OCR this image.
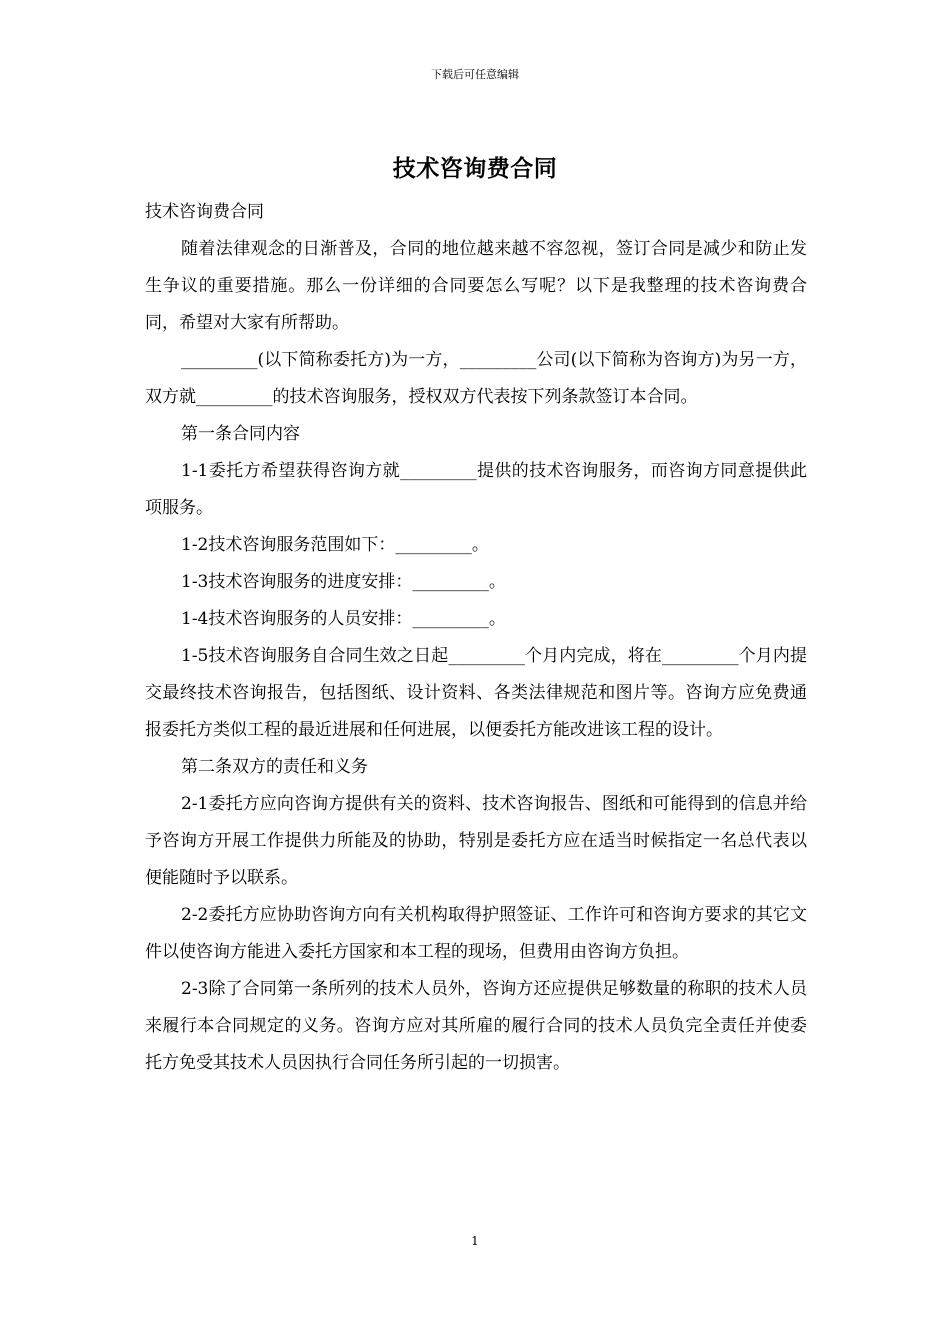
下载后可任意编辑
技术咨询费合同

技术咨询费合同

随着法律观念的日渐普及，合同的地位越来越不容忽视，签订合同是减少和防止发生争议的重要措施。那么一份详细的合同要怎么写呢？以下是我整理的技术咨询费合同，希望对大家有所帮助。

_________(以下简称委托方)为一方，_________公司(以下简称为咨询方)为另一方，双方就_________的技术咨询服务，授权双方代表按下列条款签订本合同。

第一条合同内容

1-1委托方希望获得咨询方就_________提供的技术咨询服务，而咨询方同意提供此项服务。

1-2技术咨询服务范围如下：_________。

1-3技术咨询服务的进度安排：_________。

1-4技术咨询服务的人员安排：_________。

1-5技术咨询服务自合同生效之日起_________个月内完成，将在_________个月内提交最终技术咨询报告，包括图纸、设计资料、各类法律规范和图片等。咨询方应免费通报委托方类似工程的最近进展和任何进展，以便委托方能改进该工程的设计。

第二条双方的责任和义务

2-1委托方应向咨询方提供有关的资料、技术咨询报告、图纸和可能得到的信息并给予咨询方开展工作提供力所能及的协助，特别是委托方应在适当时候指定一名总代表以便能随时予以联系。

2-2委托方应协助咨询方向有关机构取得护照签证、工作许可和咨询方要求的其它文件以使咨询方能进入委托方国家和本工程的现场，但费用由咨询方负担。

2-3除了合同第一条所列的技术人员外，咨询方还应提供足够数量的称职的技术人员来履行本合同规定的义务。咨询方应对其所雇的履行合同的技术人员负完全责任并使委托方免受其技术人员因执行合同任务所引起的一切损害。

1
